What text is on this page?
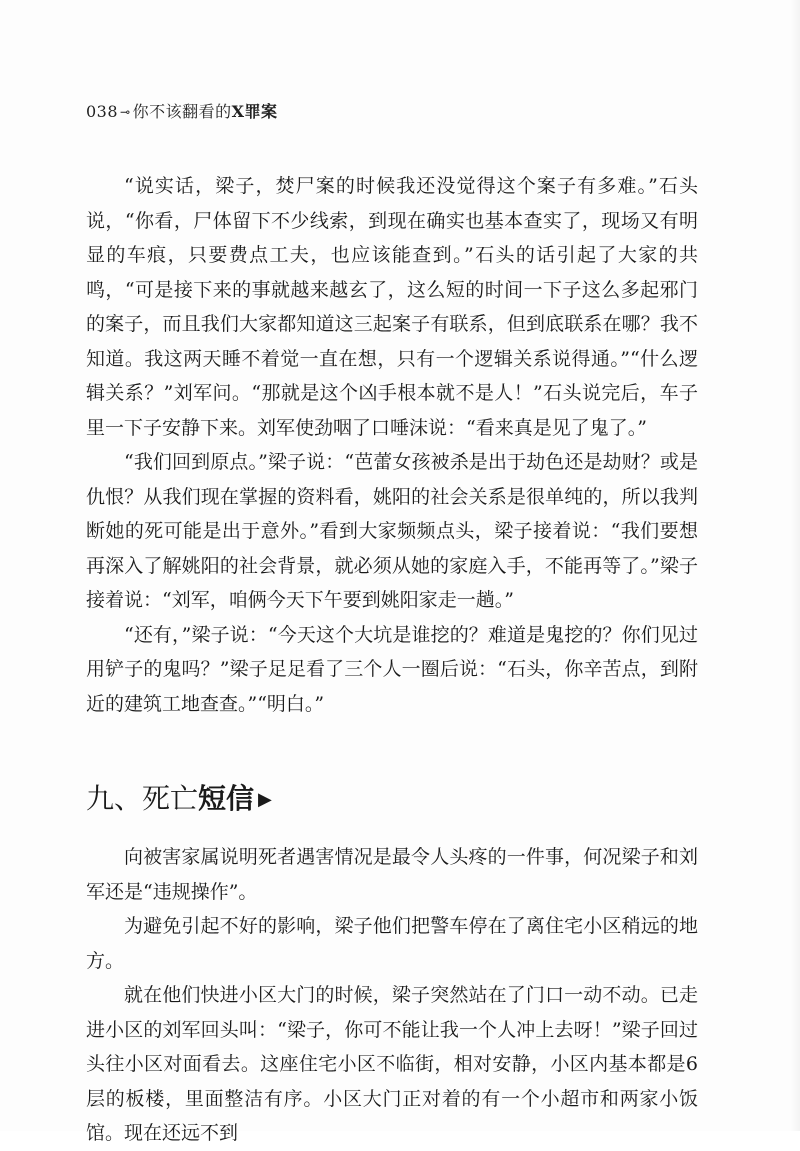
038 ⊸ 你不该翻看的X罪案

“说实话，梁子，焚尸案的时候我还没觉得这个案子有多难。”石头说，“你看，尸体留下不少线索，到现在确实也基本查实了，现场又有明显的车痕，只要费点工夫，也应该能查到。”石头的话引起了大家的共鸣，“可是接下来的事就越来越玄了，这么短的时间一下子这么多起邪门的案子，而且我们大家都知道这三起案子有联系，但到底联系在哪？我不知道。我这两天睡不着觉一直在想，只有一个逻辑关系说得通。”“什么逻辑关系？”刘军问。“那就是这个凶手根本就不是人！”石头说完后，车子里一下子安静下来。刘军使劲咽了口唾沫说：“看来真是见了鬼了。”

“我们回到原点。”梁子说：“芭蕾女孩被杀是出于劫色还是劫财？或是仇恨？从我们现在掌握的资料看，姚阳的社会关系是很单纯的，所以我判断她的死可能是出于意外。”看到大家频频点头，梁子接着说：“我们要想再深入了解姚阳的社会背景，就必须从她的家庭入手，不能再等了。”梁子接着说：“刘军，咱俩今天下午要到姚阳家走一趟。”

“还有，”梁子说：“今天这个大坑是谁挖的？难道是鬼挖的？你们见过用铲子的鬼吗？”梁子足足看了三个人一圈后说：“石头，你辛苦点，到附近的建筑工地查查。”“明白。”

九、死亡短信 ▶

向被害家属说明死者遇害情况是最令人头疼的一件事，何况梁子和刘军还是“违规操作”。

为避免引起不好的影响，梁子他们把警车停在了离住宅小区稍远的地方。

就在他们快进小区大门的时候，梁子突然站在了门口一动不动。已走进小区的刘军回头叫：“梁子，你可不能让我一个人冲上去呀！”梁子回过头往小区对面看去。这座住宅小区不临街，相对安静，小区内基本都是6层的板楼，里面整洁有序。小区大门正对着的有一个小超市和两家小饭馆。现在还远不到
